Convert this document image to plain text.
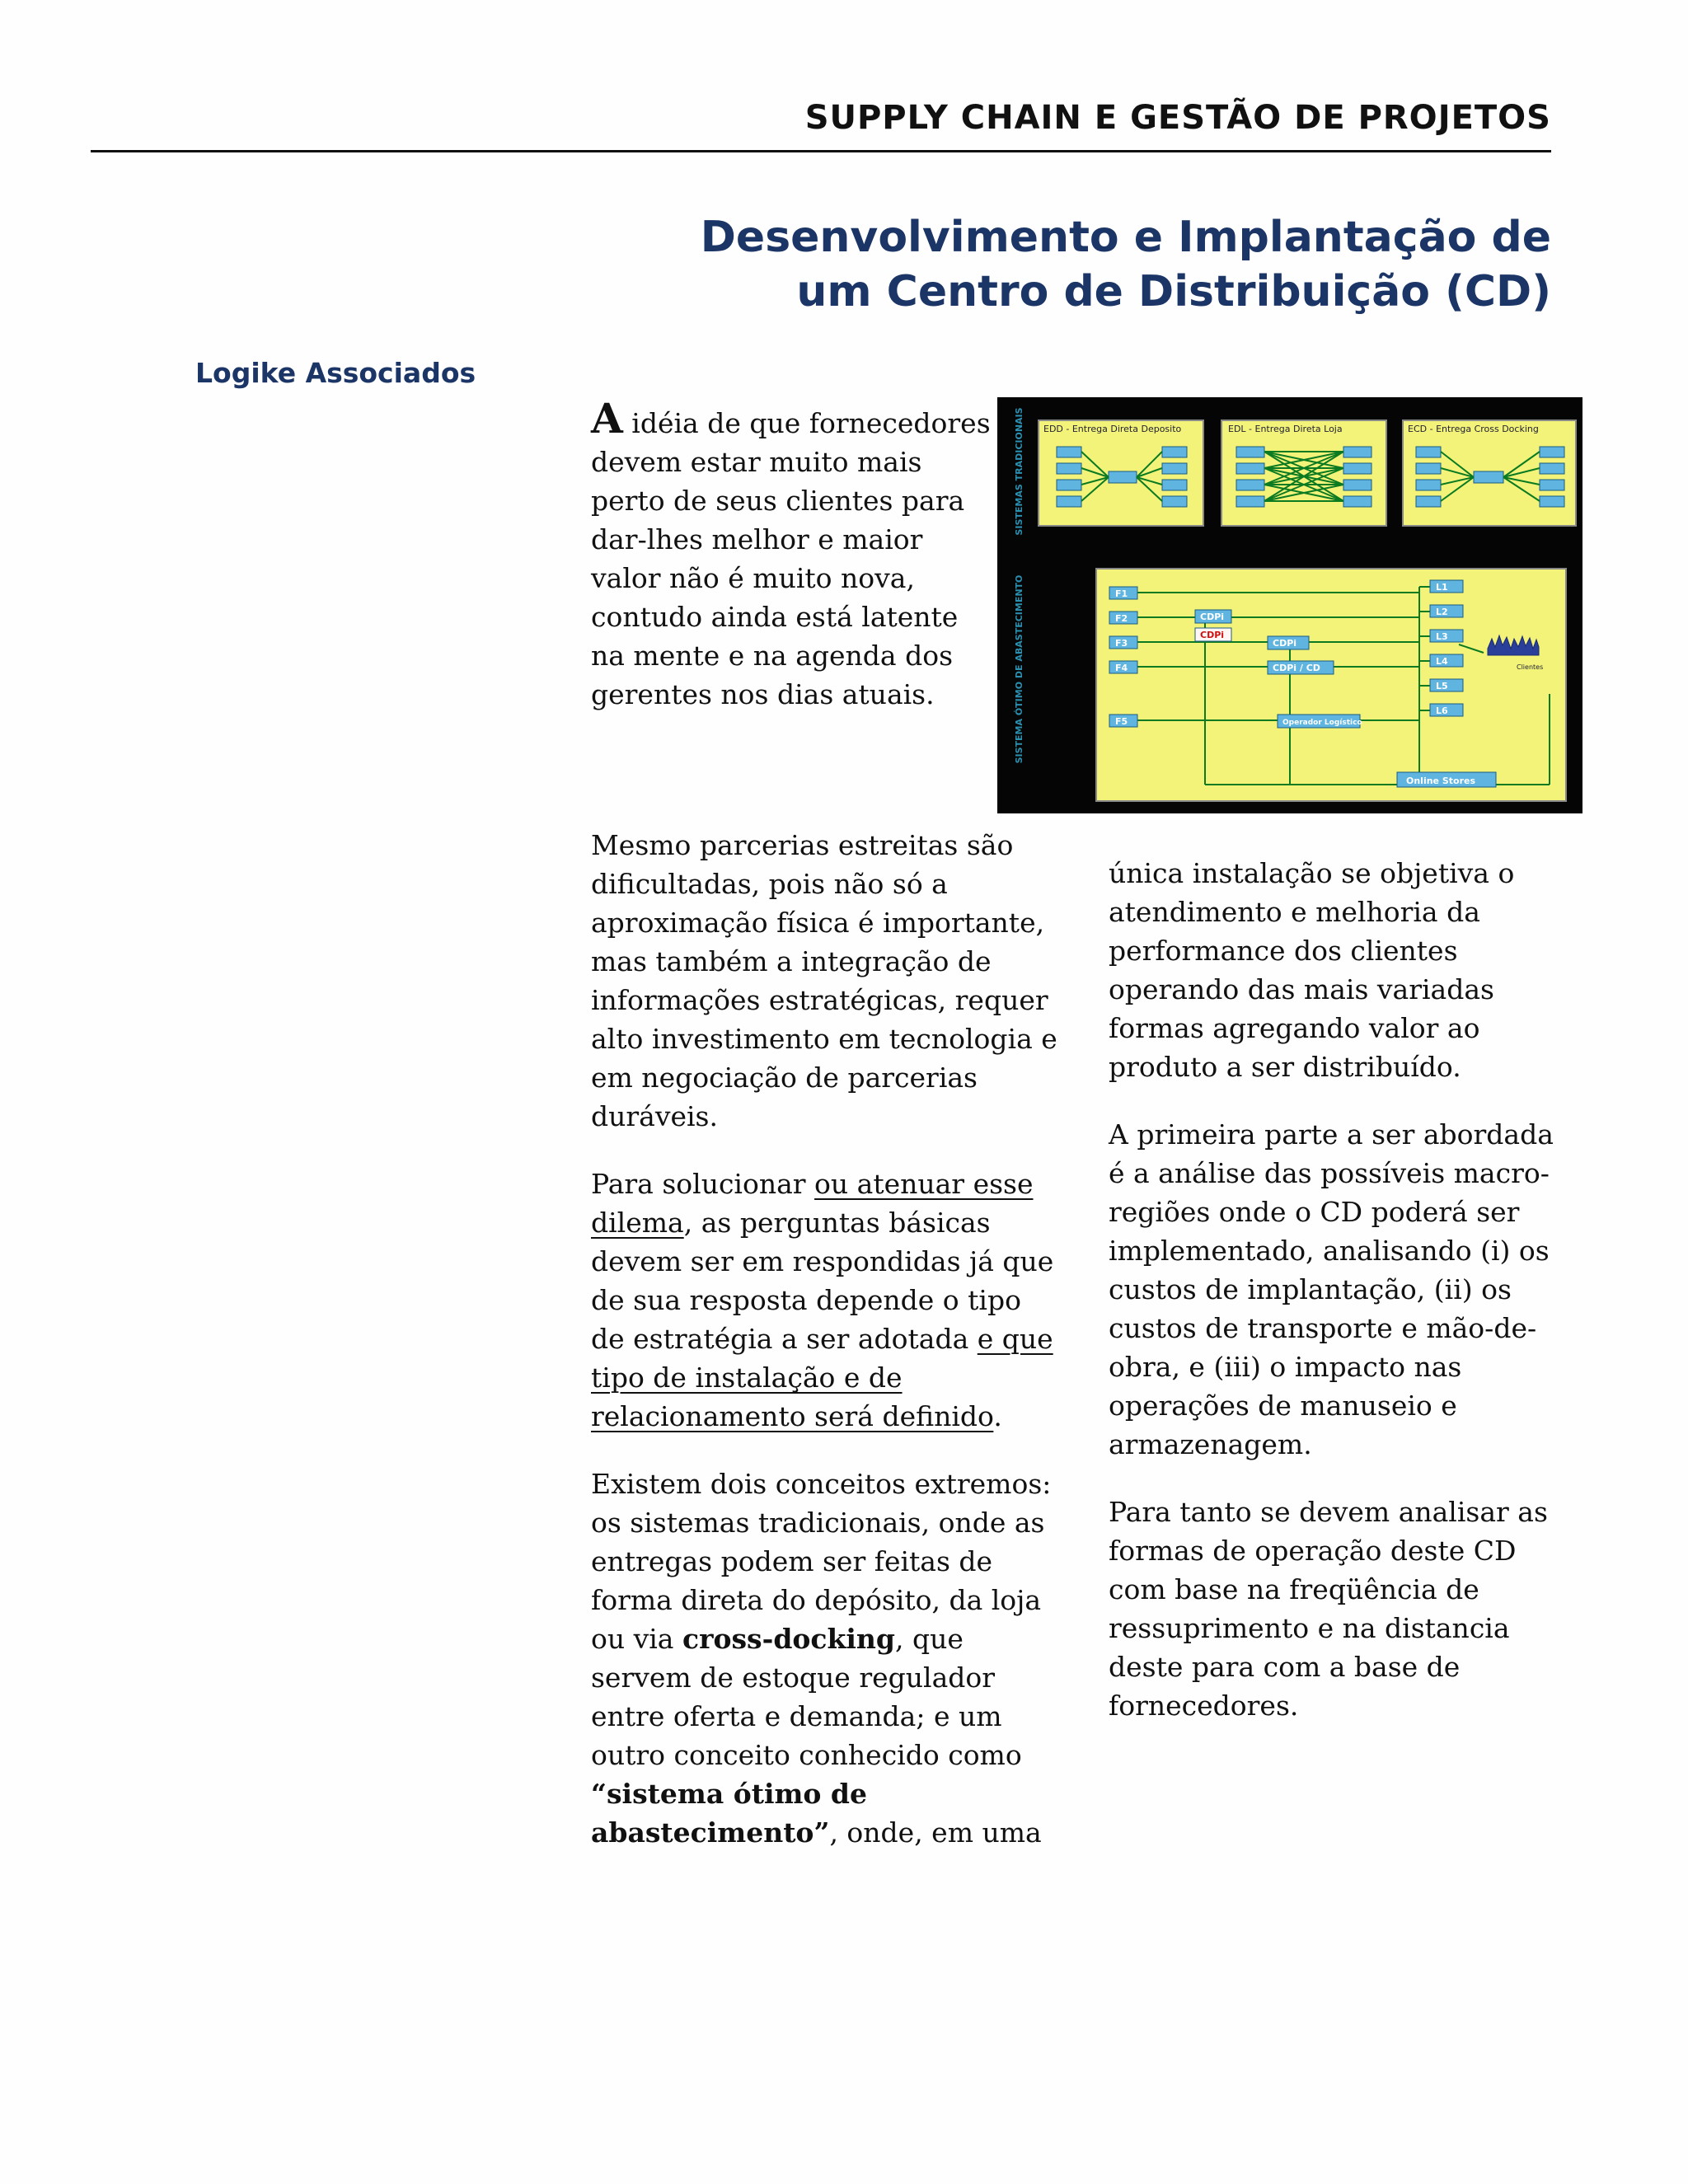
SUPPLY CHAIN E GESTÃO DE PROJETOS
Desenvolvimento e Implantação de
um Centro de Distribuição (CD)

Logike Associados

A idéia de que fornecedores devem estar muito mais perto de seus clientes para dar-lhes melhor e maior valor não é muito nova, contudo ainda está latente na mente e na agenda dos gerentes nos dias atuais.

SISTEMAS TRADICIONAIS
SISTEMA ÓTIMO DE ABASTECIMENTO
EDD - Entrega Direta Deposito	EDL - Entrega Direta Loja	ECD - Entrega Cross Docking
F1
F2
F3
F4
F5
CDPi
CDPi
CDPi
CDPi / CD
Operador Logístico
L1
L2
L3
L4
L5
L6
Online Stores
Clientes

Mesmo parcerias estreitas são dificultadas, pois não só a aproximação física é importante, mas também a integração de informações estratégicas, requer alto investimento em tecnologia e em negociação de parcerias duráveis.

Para solucionar ou atenuar esse dilema, as perguntas básicas devem ser em respondidas já que de sua resposta depende o tipo de estratégia a ser adotada e que tipo de instalação e de relacionamento será definido.

Existem dois conceitos extremos: os sistemas tradicionais, onde as entregas podem ser feitas de forma direta do depósito, da loja ou via cross-docking, que servem de estoque regulador entre oferta e demanda; e um outro conceito conhecido como “sistema ótimo de abastecimento”, onde, em uma

única instalação se objetiva o atendimento e melhoria da performance dos clientes operando das mais variadas formas agregando valor ao produto a ser distribuído.

A primeira parte a ser abordada é a análise das possíveis macro-regiões onde o CD poderá ser implementado, analisando (i) os custos de implantação, (ii) os custos de transporte e mão-de-obra, e (iii) o impacto nas operações de manuseio e armazenagem.

Para tanto se devem analisar as formas de operação deste CD com base na freqüência de ressuprimento e na distancia deste para com a base de fornecedores.
